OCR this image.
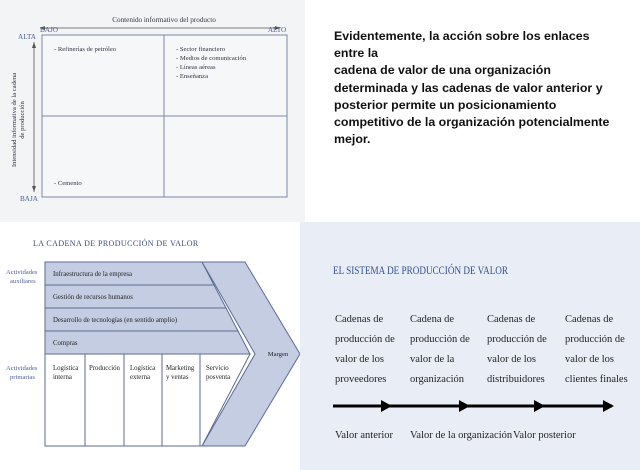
Contenido informativo del producto
BAJO	ALTO
ALTA
BAJA
Intensidad informativa de la cadena de producción
- Refinerías de petróleo	- Sector financiero
- Medios de comunicación
- Líneas aéreas
- Enseñanza
- Cemento
Evidentemente, la acción sobre los enlaces
entre la
cadena de valor de una organización
determinada y las cadenas de valor anterior y
posterior permite un posicionamiento
competitivo de la organización potencialmente
mejor.
LA CADENA DE PRODUCCIÓN DE VALOR
Actividades
auxiliares
Actividades
primarias
Margen
Infraestructura de la empresa
Gestión de recursos humanos
Desarrollo de tecnologías (en sentido amplio)
Compras
Logística
interna
Producción Logística
externa
Marketing
y ventas
Servicio
posventa
EL SISTEMA DE PRODUCCIÓN DE VALOR
Cadenas de
producción de
valor de los
proveedores
Cadena de
producción de
valor de la
organización
Cadenas de
producción de
valor de los
distribuidores
Cadenas de
producción de
valor de los
clientes finales
Valor anterior Valor de la organización Valor posterior
